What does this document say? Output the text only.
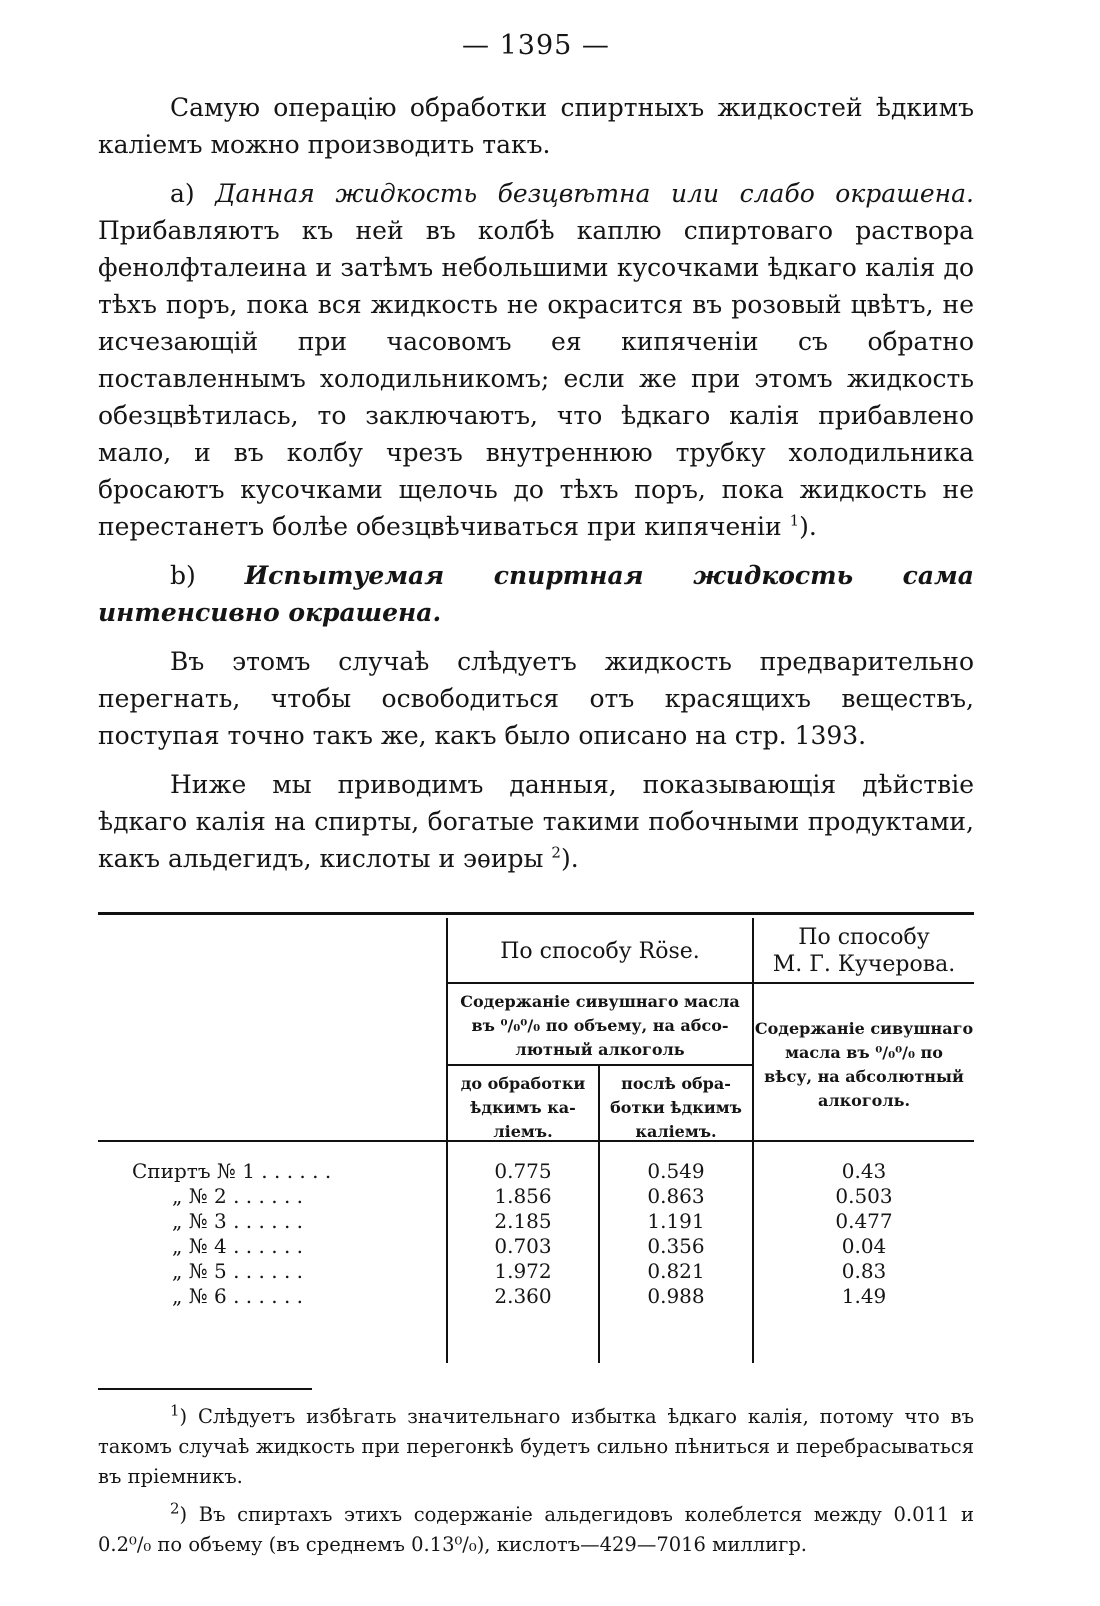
— 1395 —

Самую операцію обработки спиртныхъ жидкостей ѣдкимъ каліемъ можно производить такъ.

a) Данная жидкость безцвѣтна или слабо окрашена. Прибавляютъ къ ней въ колбѣ каплю спиртоваго раствора фенолфталеина и затѣмъ небольшими кусочками ѣдкаго калія до тѣхъ поръ, пока вся жидкость не окрасится въ розовый цвѣтъ, не исчезающій при часовомъ ея кипяченіи съ обратно поставленнымъ холодильникомъ; если же при этомъ жидкость обезцвѣтилась, то заключаютъ, что ѣдкаго калія прибавлено мало, и въ колбу чрезъ внутреннюю трубку холодильника бросаютъ кусочками щелочь до тѣхъ поръ, пока жидкость не перестанетъ болѣе обезцвѣчиваться при кипяченіи $^1$).

b) Испытуемая спиртная жидкость сама интенсивно окрашена.

Въ этомъ случаѣ слѣдуетъ жидкость предварительно перегнать, чтобы освободиться отъ красящихъ веществъ, поступая точно такъ же, какъ было описано на стр. 1393.

Ниже мы приводимъ данныя, показывающія дѣйствіе ѣдкаго калія на спирты, богатые такими побочными продуктами, какъ альдегидъ, кислоты и эѳиры $^2$).

По способу Röse.
По способу
М. Г. Кучерова.
Содержаніе сивушнаго масла
въ ⁰/₀⁰/₀ по объему, на абсо-
лютный алкоголь
до обработки
ѣдкимъ ка-
ліемъ.
послѣ обра-
ботки ѣдкимъ
каліемъ.
Содержаніе сивушнаго
масла въ ⁰/₀⁰/₀ по
вѣсу, на абсолютный
алкоголь.
Спиртъ № 1 . . . . . .
„ № 2 . . . . . .
„ № 3 . . . . . .
„ № 4 . . . . . .
„ № 5 . . . . . .
„ № 6 . . . . . .
0.775
1.856
2.185
0.703
1.972
2.360
0.549
0.863
1.191
0.356
0.821
0.988
0.43
0.503
0.477
0.04
0.83
1.49
$^1$) Слѣдуетъ избѣгать значительнаго избытка ѣдкаго калія, потому что въ такомъ случаѣ жидкость при перегонкѣ будетъ сильно пѣниться и перебрасываться въ пріемникъ.
$^2$) Въ спиртахъ этихъ содержаніе альдегидовъ колеблется между 0.011 и 0.2⁰/₀ по объему (въ среднемъ 0.13⁰/₀), кислотъ—429—7016 миллигр.
